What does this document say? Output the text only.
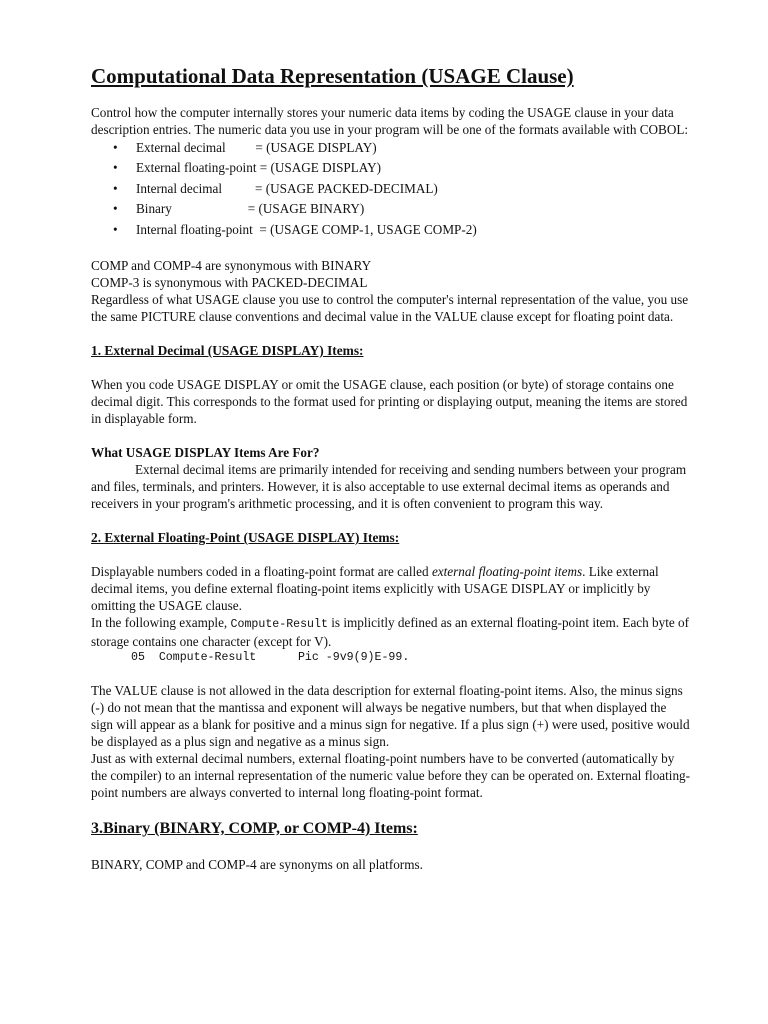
Computational Data Representation (USAGE Clause)

Control how the computer internally stores your numeric data items by coding the USAGE clause in your data description entries. The numeric data you use in your program will be one of the formats available with COBOL:

• External decimal         = (USAGE DISPLAY)
• External floating-point = (USAGE DISPLAY)
• Internal decimal          = (USAGE PACKED-DECIMAL)
• Binary                       = (USAGE BINARY)
• Internal floating-point  = (USAGE COMP-1, USAGE COMP-2)

COMP and COMP-4 are synonymous with BINARY

COMP-3 is synonymous with PACKED-DECIMAL

Regardless of what USAGE clause you use to control the computer's internal representation of the value, you use the same PICTURE clause conventions and decimal value in the VALUE clause except for floating point data.

1. External Decimal (USAGE DISPLAY) Items:

When you code USAGE DISPLAY or omit the USAGE clause, each position (or byte) of storage contains one decimal digit. This corresponds to the format used for printing or displaying output, meaning the items are stored in displayable form.

What USAGE DISPLAY Items Are For?

External decimal items are primarily intended for receiving and sending numbers between your program and files, terminals, and printers. However, it is also acceptable to use external decimal items as operands and receivers in your program's arithmetic processing, and it is often convenient to program this way.

2. External Floating-Point (USAGE DISPLAY) Items:

Displayable numbers coded in a floating-point format are called external floating-point items. Like external decimal items, you define external floating-point items explicitly with USAGE DISPLAY or implicitly by omitting the USAGE clause.

In the following example, Compute-Result is implicitly defined as an external floating-point item. Each byte of storage contains one character (except for V).

05  Compute-Result      Pic -9v9(9)E-99.

The VALUE clause is not allowed in the data description for external floating-point items. Also, the minus signs (-) do not mean that the mantissa and exponent will always be negative numbers, but that when displayed the sign will appear as a blank for positive and a minus sign for negative. If a plus sign (+) were used, positive would be displayed as a plus sign and negative as a minus sign.

Just as with external decimal numbers, external floating-point numbers have to be converted (automatically by the compiler) to an internal representation of the numeric value before they can be operated on. External floating-point numbers are always converted to internal long floating-point format.

3.Binary (BINARY, COMP, or COMP-4) Items:

BINARY, COMP and COMP-4 are synonyms on all platforms.
